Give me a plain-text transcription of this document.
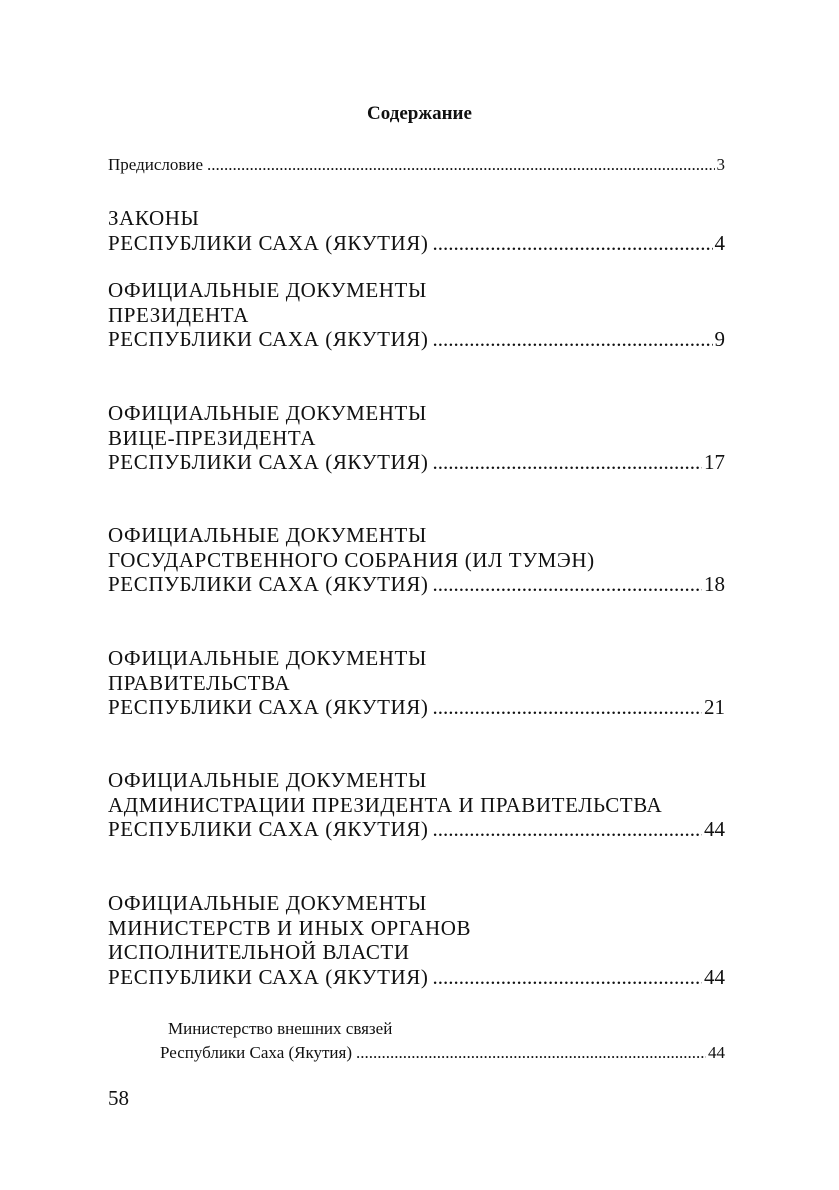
Содержание
Предисловие .....	3
ЗАКОНЫ
РЕСПУБЛИКИ САХА (ЯКУТИЯ) .....	4
ОФИЦИАЛЬНЫЕ ДОКУМЕНТЫ
ПРЕЗИДЕНТА
РЕСПУБЛИКИ САХА (ЯКУТИЯ) .....	9
ОФИЦИАЛЬНЫЕ ДОКУМЕНТЫ
ВИЦЕ-ПРЕЗИДЕНТА
РЕСПУБЛИКИ САХА (ЯКУТИЯ) .....	17
ОФИЦИАЛЬНЫЕ ДОКУМЕНТЫ
ГОСУДАРСТВЕННОГО СОБРАНИЯ (ИЛ ТУМЭН)
РЕСПУБЛИКИ САХА (ЯКУТИЯ) .....	18
ОФИЦИАЛЬНЫЕ ДОКУМЕНТЫ
ПРАВИТЕЛЬСТВА
РЕСПУБЛИКИ САХА (ЯКУТИЯ) .....	21
ОФИЦИАЛЬНЫЕ ДОКУМЕНТЫ
АДМИНИСТРАЦИИ ПРЕЗИДЕНТА И ПРАВИТЕЛЬСТВА
РЕСПУБЛИКИ САХА (ЯКУТИЯ) .....	44
ОФИЦИАЛЬНЫЕ ДОКУМЕНТЫ
МИНИСТЕРСТВ И ИНЫХ ОРГАНОВ
ИСПОЛНИТЕЛЬНОЙ ВЛАСТИ
РЕСПУБЛИКИ САХА (ЯКУТИЯ) .....	44
Министерство внешних связей
Республики Саха (Якутия) .....	44
58
